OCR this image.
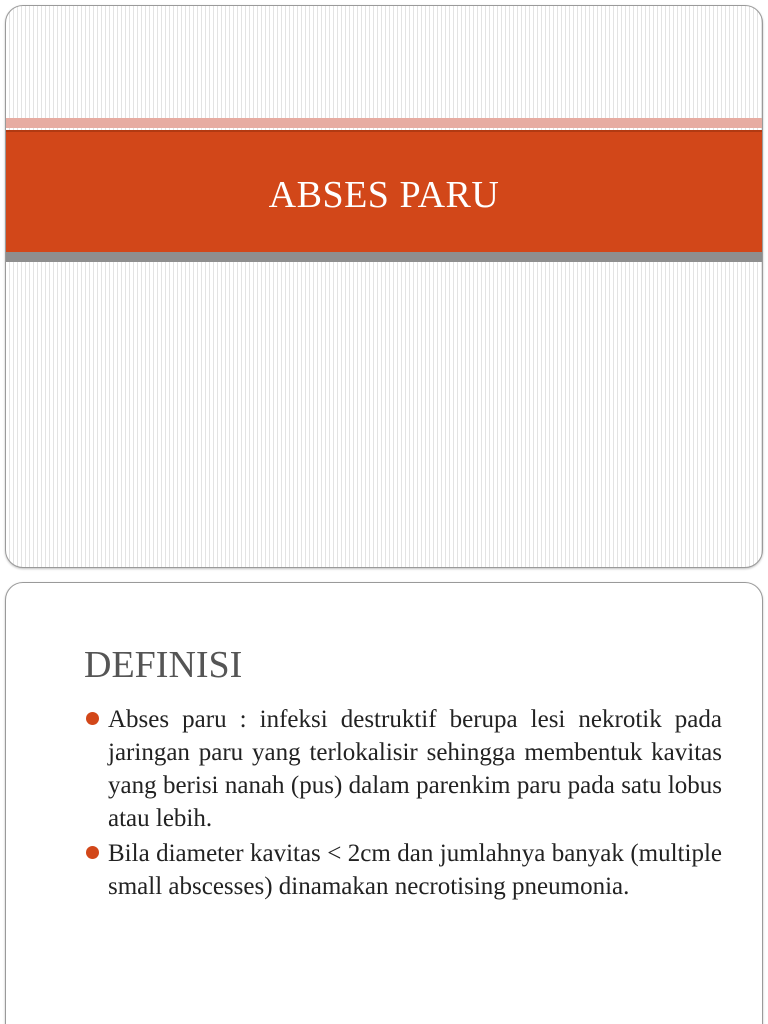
ABSES PARU
DEFINISI
Abses paru : infeksi destruktif berupa lesi nekrotik pada jaringan paru yang terlokalisir sehingga membentuk kavitas yang berisi nanah (pus) dalam parenkim paru pada satu lobus atau lebih.
Bila diameter kavitas < 2cm dan jumlahnya banyak (multiple small abscesses) dinamakan necrotising pneumonia.
